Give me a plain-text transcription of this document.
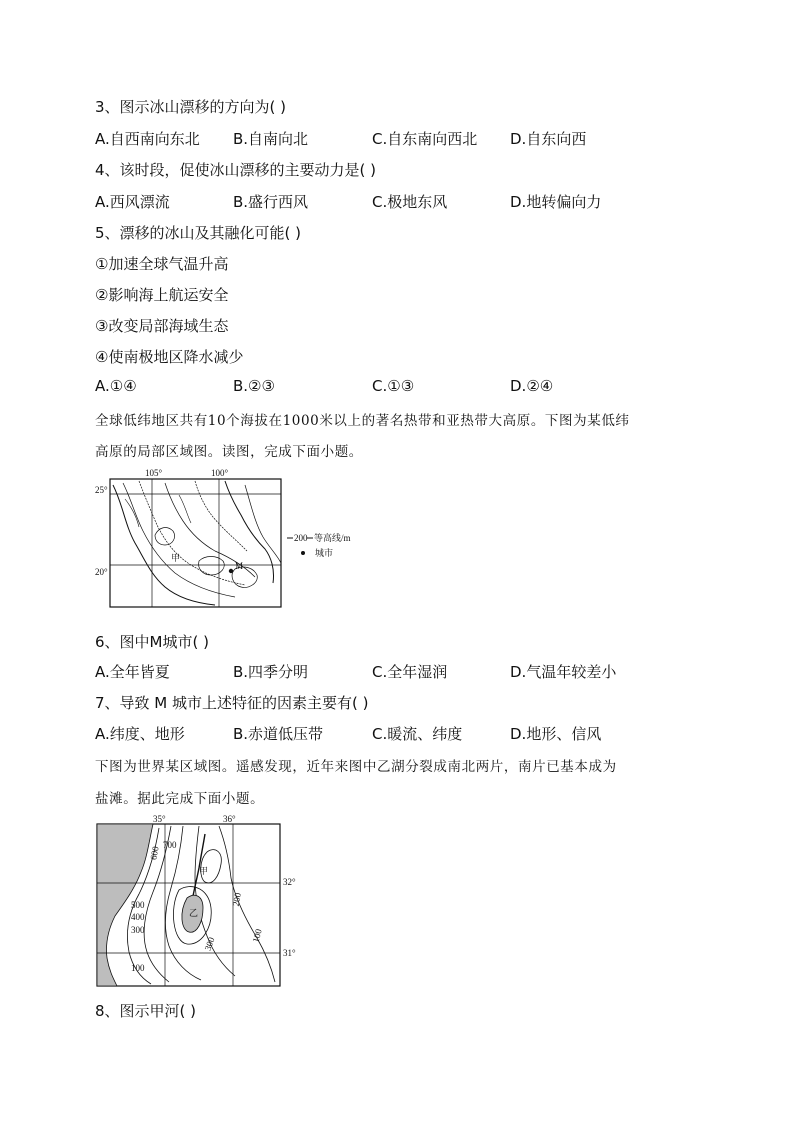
3、图示冰山漂移的方向为( )
A.自西南向东北 B.自南向北	C.自东南向西北 D.自东向西
4、该时段，促使冰山漂移的主要动力是( )
A.西风漂流	B.盛行西风	C.极地东风	D.地转偏向力
5、漂移的冰山及其融化可能( )
①加速全球气温升高
②影响海上航运安全
③改变局部海域生态
④使南极地区降水减少
A.①④	B.②③	C.①③	D.②④
全球低纬地区共有10个海拔在1000米以上的著名热带和亚热带大高原。下图为某低纬
高原的局部区域图。读图，完成下面小题。
105°	100°
25°
20°
甲
M
200 等高线/m
城市
6、图中M城市( )
A.全年皆夏	B.四季分明	C.全年湿润	D.气温年较差小
7、导致 M 城市上述特征的因素主要有( )
A.纬度、地形	B.赤道低压带	C.暖流、纬度	D.地形、信风
下图为世界某区域图。遥感发现，近年来图中乙湖分裂成南北两片，南片已基本成为
盐滩。据此完成下面小题。
35°	36°
32°
31°
甲
乙
700
600
500
400
300
100
200
300
100
8、图示甲河( )
